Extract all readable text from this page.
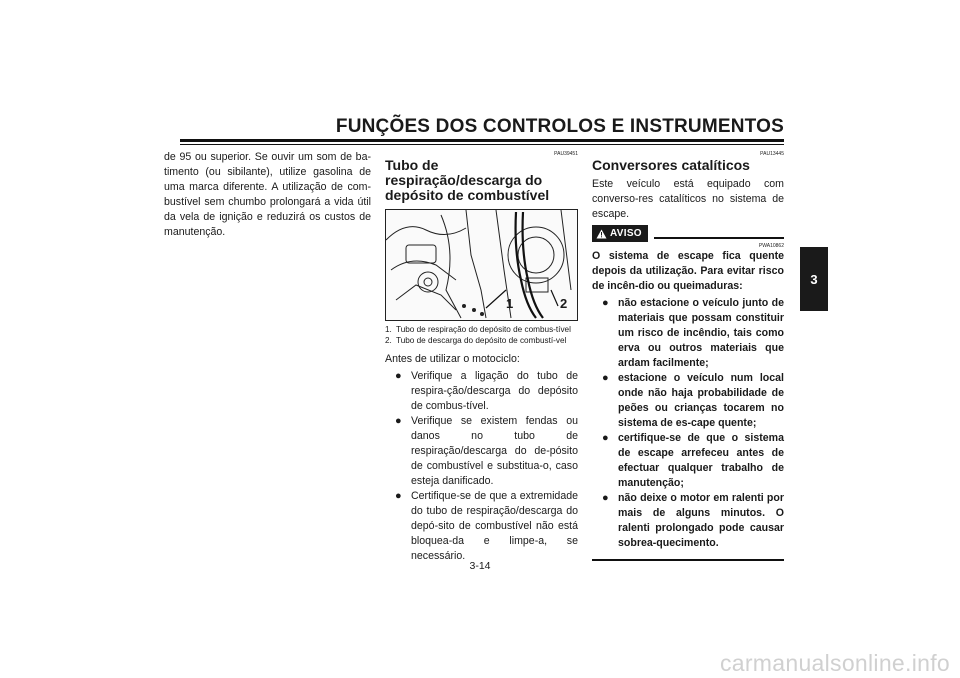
FUNÇÕES DOS CONTROLOS E INSTRUMENTOS
3

de 95 ou superior. Se ouvir um som de ba-timento (ou sibilante), utilize gasolina de uma marca diferente. A utilização de com-bustível sem chumbo prolongará a vida útil da vela de ignição e reduzirá os custos de manutenção.

PAU39451
Tubo de respiração/descarga do depósito de combustível
1	2
1. Tubo de respiração do depósito de combus-tível
2. Tubo de descarga do depósito de combustí-vel

Antes de utilizar o motociclo:

● Verifique a ligação do tubo de respira-ção/descarga do depósito de combus-tível.
● Verifique se existem fendas ou danos no tubo de respiração/descarga do de-pósito de combustível e substitua-o, caso esteja danificado.
● Certifique-se de que a extremidade do tubo de respiração/descarga do depó-sito de combustível não está bloquea-da e limpe-a, se necessário.
PAU13445
Conversores catalíticos

Este veículo está equipado com converso-res catalíticos no sistema de escape.

AVISO
PWA10862

O sistema de escape fica quente depois da utilização. Para evitar risco de incên-dio ou queimaduras:

● não estacione o veículo junto de materiais que possam constituir um risco de incêndio, tais como erva ou outros materiais que ardam facilmente;
● estacione o veículo num local onde não haja probabilidade de peões ou crianças tocarem no sistema de es-cape quente;
● certifique-se de que o sistema de escape arrefeceu antes de efectuar qualquer trabalho de manutenção;
● não deixe o motor em ralenti por mais de alguns minutos. O ralenti prolongado pode causar sobrea-quecimento.
3-14
carmanualsonline.info
